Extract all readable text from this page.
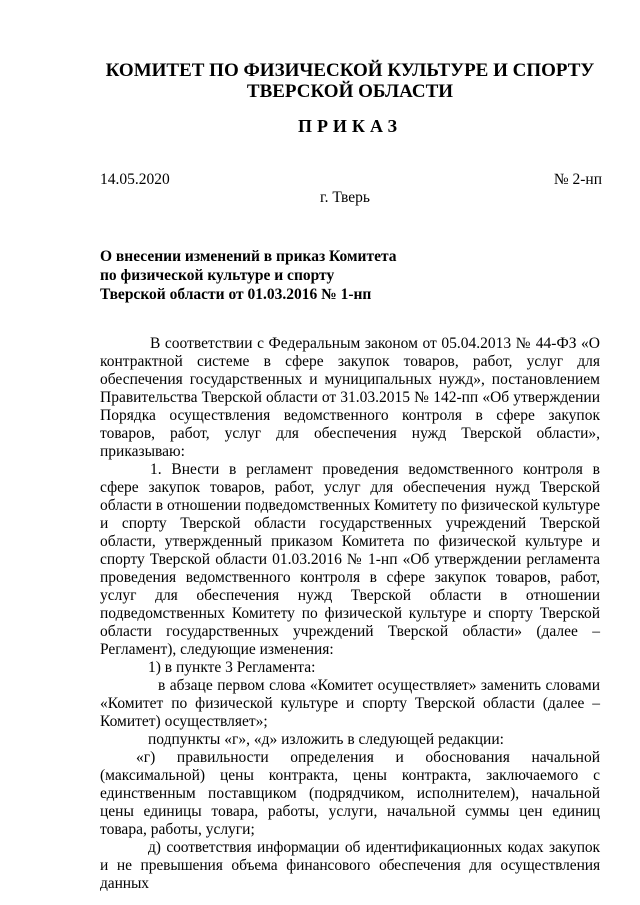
КОМИТЕТ ПО ФИЗИЧЕСКОЙ КУЛЬТУРЕ И СПОРТУ
ТВЕРСКОЙ ОБЛАСТИ
ПРИКАЗ
14.05.2020	№ 2-нп
г. Тверь
О внесении изменений в приказ Комитета
по физической культуре и спорту
Тверской области от 01.03.2016 № 1-нп

В соответствии с Федеральным законом от 05.04.2013 № 44-ФЗ «О контрактной системе в сфере закупок товаров, работ, услуг для обеспечения государственных и муниципальных нужд», постановлением Правительства Тверской области от 31.03.2015 № 142-пп «Об утверждении Порядка осуществления ведомственного контроля в сфере закупок товаров, работ, услуг для обеспечения нужд Тверской области», приказываю:

1. Внести в регламент проведения ведомственного контроля в сфере закупок товаров, работ, услуг для обеспечения нужд Тверской области в отношении подведомственных Комитету по физической культуре и спорту Тверской области государственных учреждений Тверской области, утвержденный приказом Комитета по физической культуре и спорту Тверской области 01.03.2016 № 1-нп «Об утверждении регламента проведения ведомственного контроля в сфере закупок товаров, работ, услуг для обеспечения нужд Тверской области в отношении подведомственных Комитету по физической культуре и спорту Тверской области государственных учреждений Тверской области» (далее – Регламент), следующие изменения:

1) в пункте 3 Регламента:

в абзаце первом слова «Комитет осуществляет» заменить словами «Комитет по физической культуре и спорту Тверской области (далее – Комитет) осуществляет»;

подпункты «г», «д» изложить в следующей редакции:

«г) правильности определения и обоснования начальной (максимальной) цены контракта, цены контракта, заключаемого с единственным поставщиком (подрядчиком, исполнителем), начальной цены единицы товара, работы, услуги, начальной суммы цен единиц товара, работы, услуги;

д) соответствия информации об идентификационных кодах закупок и не превышения объема финансового обеспечения для осуществления данных
